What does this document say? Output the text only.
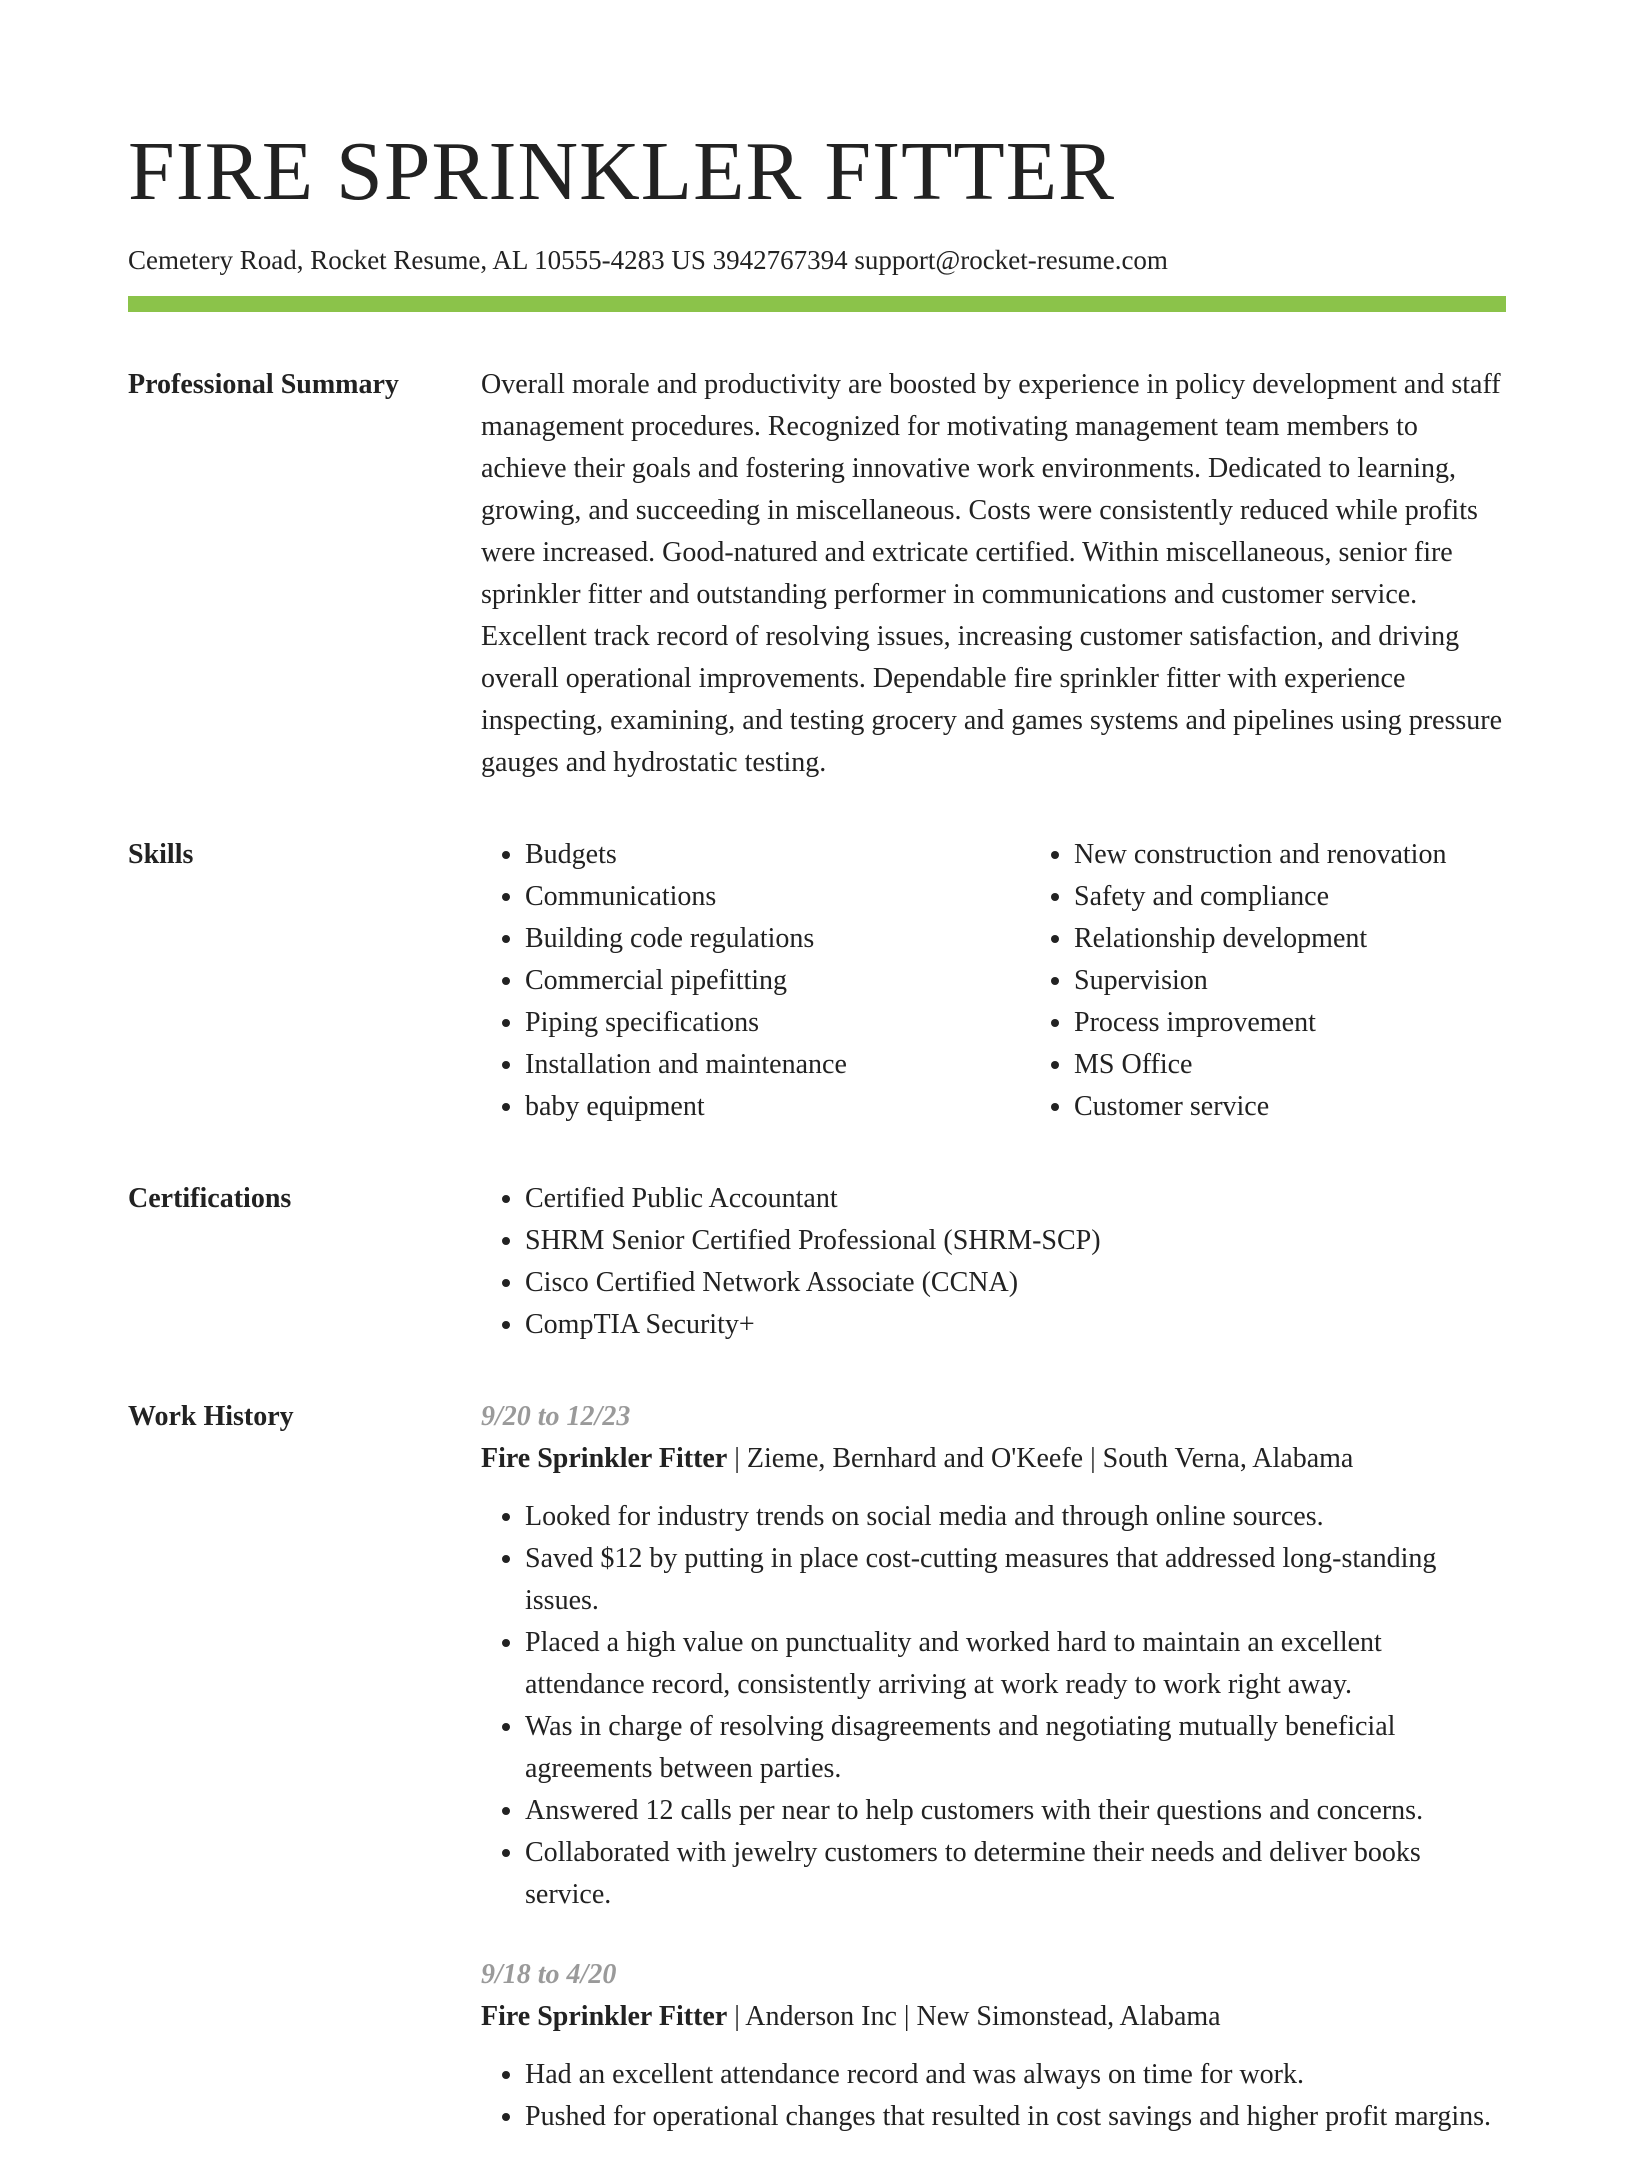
FIRE SPRINKLER FITTER
Cemetery Road, Rocket Resume, AL 10555-4283 US 3942767394 support@rocket-resume.com
Professional Summary	Overall morale and productivity are boosted by experience in policy development and staff management procedures. Recognized for motivating management team members to achieve their goals and fostering innovative work environments. Dedicated to learning, growing, and succeeding in miscellaneous. Costs were consistently reduced while profits were increased. Good-natured and extricate certified. Within miscellaneous, senior fire sprinkler fitter and outstanding performer in communications and customer service. Excellent track record of resolving issues, increasing customer satisfaction, and driving overall operational improvements. Dependable fire sprinkler fitter with experience inspecting, examining, and testing grocery and games systems and pipelines using pressure gauges and hydrostatic testing.

Skills	• Budgets
• Communications
• Building code regulations
• Commercial pipefitting
• Piping specifications
• Installation and maintenance
• baby equipment
• New construction and renovation
• Safety and compliance
• Relationship development
• Supervision
• Process improvement
• MS Office
• Customer service
Certifications	• Certified Public Accountant
• SHRM Senior Certified Professional (SHRM-SCP)
• Cisco Certified Network Associate (CCNA)
• CompTIA Security+
Work History	9/20 to 12/23
Fire Sprinkler Fitter | Zieme, Bernhard and O'Keefe | South Verna, Alabama
• Looked for industry trends on social media and through online sources.
• Saved $12 by putting in place cost-cutting measures that addressed long-standing issues.
• Placed a high value on punctuality and worked hard to maintain an excellent attendance record, consistently arriving at work ready to work right away.
• Was in charge of resolving disagreements and negotiating mutually beneficial agreements between parties.
• Answered 12 calls per near to help customers with their questions and concerns.
• Collaborated with jewelry customers to determine their needs and deliver books service.
9/18 to 4/20
Fire Sprinkler Fitter | Anderson Inc | New Simonstead, Alabama
• Had an excellent attendance record and was always on time for work.
• Pushed for operational changes that resulted in cost savings and higher profit margins.
